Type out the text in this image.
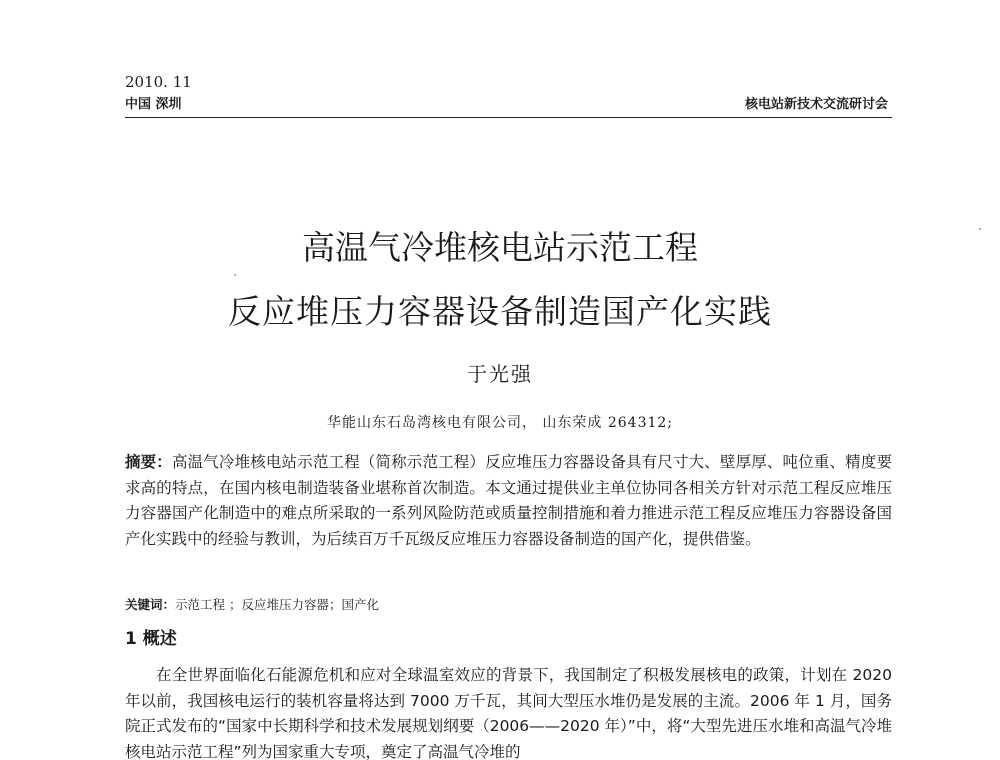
2010. 11
中国 深圳	核电站新技术交流研讨会
高温气冷堆核电站示范工程
反应堆压力容器设备制造国产化实践
于光强
华能山东石岛湾核电有限公司， 山东荣成 264312;
摘要：高温气冷堆核电站示范工程（简称示范工程）反应堆压力容器设备具有尺寸大、壁厚厚、吨位重、精度要求高的特点，在国内核电制造装备业堪称首次制造。本文通过提供业主单位协同各相关方针对示范工程反应堆压力容器国产化制造中的难点所采取的一系列风险防范或质量控制措施和着力推进示范工程反应堆压力容器设备国产化实践中的经验与教训，为后续百万千瓦级反应堆压力容器设备制造的国产化，提供借鉴。
关键词：示范工程 ；反应堆压力容器；国产化
1 概述
在全世界面临化石能源危机和应对全球温室效应的背景下，我国制定了积极发展核电的政策，计划在 2020 年以前，我国核电运行的装机容量将达到 7000 万千瓦，其间大型压水堆仍是发展的主流。2006 年 1 月，国务院正式发布的“国家中长期科学和技术发展规划纲要（2006——2020 年）”中，将“大型先进压水堆和高温气冷堆核电站示范工程”列为国家重大专项，奠定了高温气冷堆的
